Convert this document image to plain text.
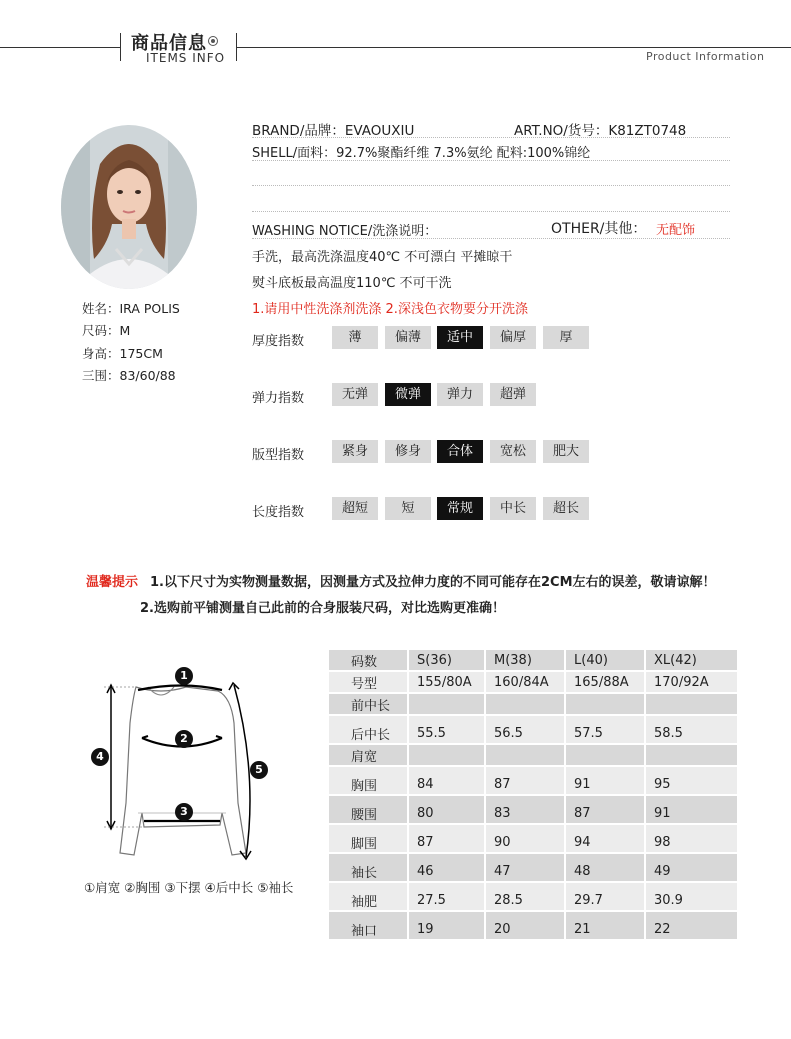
商品信息
ITEMS INFO	Product Information
姓名：IRA POLIS
尺码：M
身高：175CM
三围：83/60/88
BRAND/品牌：EVAOUXIU	ART.NO/货号：K81ZT0748
SHELL/面料：92.7%聚酯纤维 7.3%氨纶 配料:100%锦纶
WASHING NOTICE/洗涤说明：	OTHER/其他： 无配饰
手洗，最高洗涤温度40℃ 不可漂白 平摊晾干
熨斗底板最高温度110℃ 不可干洗
1.请用中性洗涤剂洗涤 2.深浅色衣物要分开洗涤
厚度指数	薄	偏薄	适中	偏厚	厚
弹力指数	无弹	微弹	弹力	超弹
版型指数	紧身	修身	合体	宽松	肥大
长度指数	超短	短	常规	中长	超长
温馨提示 1.以下尺寸为实物测量数据，因测量方式及拉伸力度的不同可能存在2CM左右的误差，敬请谅解！
2.选购前平铺测量自己此前的合身服装尺码，对比选购更准确！
1
2
3
4
5
①肩宽 ②胸围 ③下摆 ④后中长 ⑤袖长
码数	S(36)	M(38)	L(40)	XL(42)
号型	155/80A	160/84A	165/88A	170/92A
前中长				
后中长	55.5	56.5	57.5	58.5
肩宽				
胸围	84	87	91	95
腰围	80	83	87	91
脚围	87	90	94	98
袖长	46	47	48	49
袖肥	27.5	28.5	29.7	30.9
袖口	19	20	21	22
